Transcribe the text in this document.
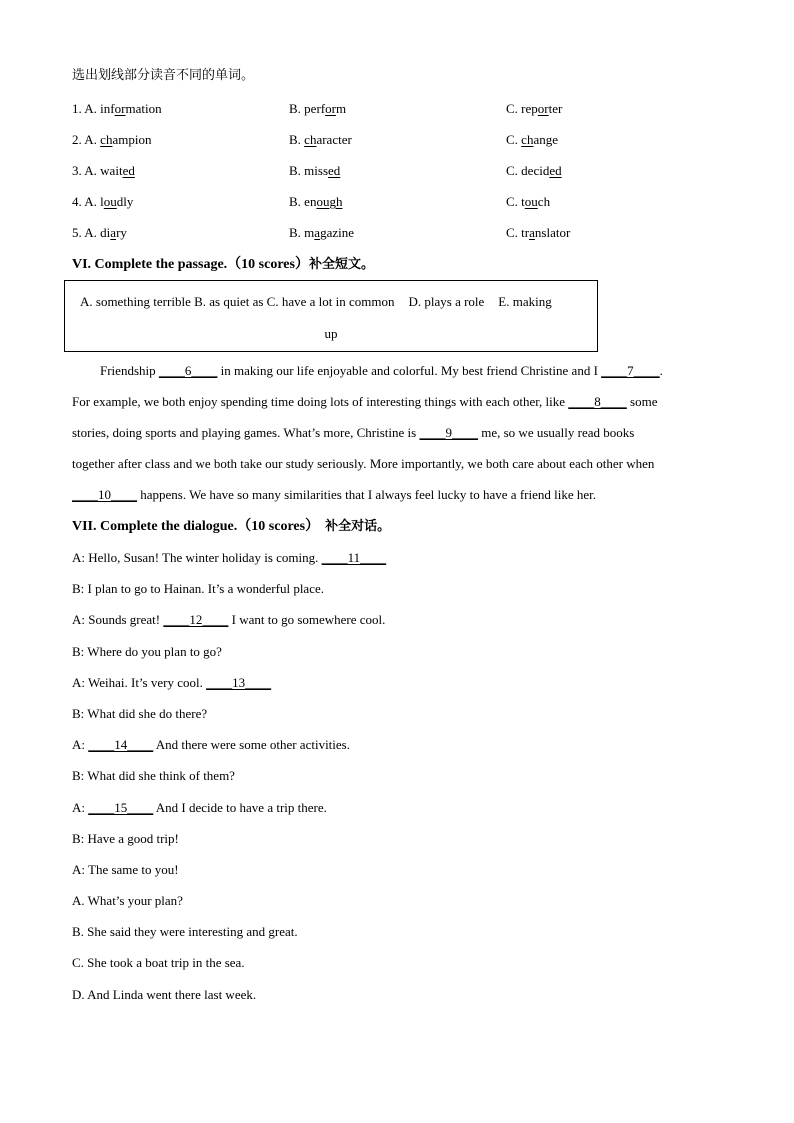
选出划线部分读音不同的单词。
1. A. information	B. perform	C. reporter
2. A. champion	B. character	C. change
3. A. waited	B. missed	C. decided
4. A. loudly	B. enough	C. touch
5. A. diary	B. magazine	C. translator
VI. Complete the passage.（10 scores）补全短文。
A. something terrible B. as quiet as C. have a lot in common D. plays a role E. making
up
Friendship ____6____ in making our life enjoyable and colorful. My best friend Christine and I ____7____.
For example, we both enjoy spending time doing lots of interesting things with each other, like ____8____ some
stories, doing sports and playing games. What’s more, Christine is ____9____ me, so we usually read books
together after class and we both take our study seriously. More importantly, we both care about each other when
____10____ happens. We have so many similarities that I always feel lucky to have a friend like her.
VII. Complete the dialogue.（10 scores） 补全对话。
A: Hello, Susan! The winter holiday is coming. ____11____
B: I plan to go to Hainan. It’s a wonderful place.
A: Sounds great! ____12____ I want to go somewhere cool.
B: Where do you plan to go?
A: Weihai. It’s very cool. ____13____
B: What did she do there?
A: ____14____ And there were some other activities.
B: What did she think of them?
A: ____15____ And I decide to have a trip there.
B: Have a good trip!
A: The same to you!
A. What’s your plan?
B. She said they were interesting and great.
C. She took a boat trip in the sea.
D. And Linda went there last week.
